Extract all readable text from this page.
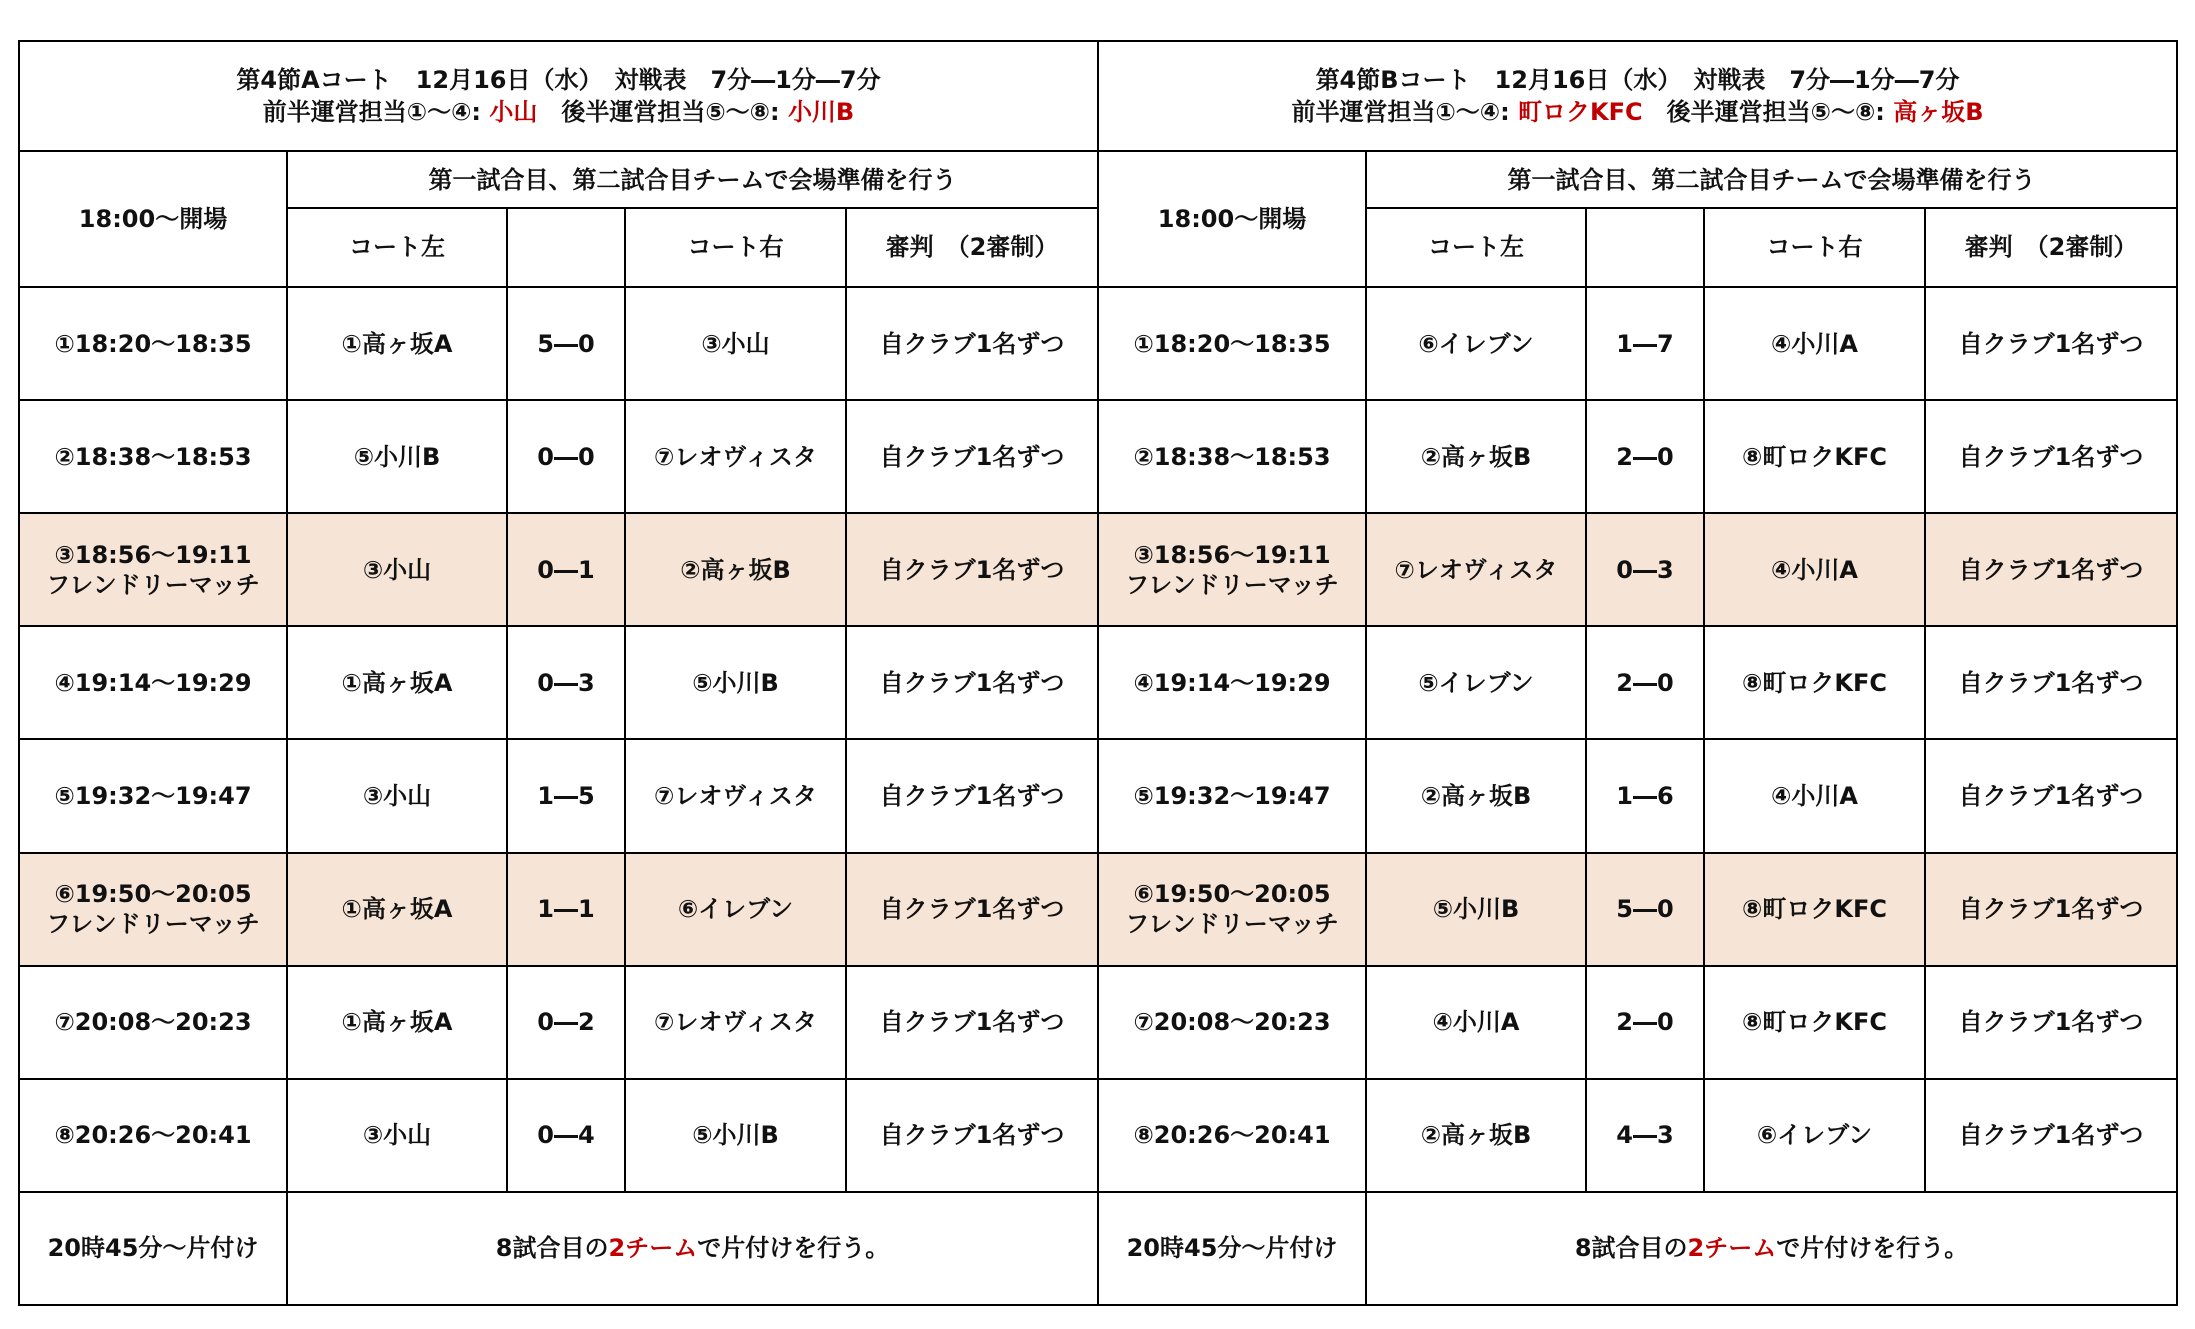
第4節Aコート　12月16日（水）　対戦表　7分―1分―7分
前半運営担当①～④: 小山　後半運営担当⑤～⑧: 小川B					第4節Bコート　12月16日（水）　対戦表　7分―1分―7分
前半運営担当①～④: 町ロクKFC　後半運営担当⑤～⑧: 高ヶ坂B				

18:00～開場	第一試合目、第二試合目チームで会場準備を行う				18:00～開場	第一試合目、第二試合目チームで会場準備を行う			
	コート左		コート右	審判　（2審制）		コート左		コート右	審判　（2審制）

①18:20～18:35	①高ヶ坂A	5―0	③小山	自クラブ1名ずつ	①18:20～18:35	⑥イレブン	1―7	④小川A	自クラブ1名ずつ

②18:38～18:53	⑤小川B	0―0	⑦レオヴィスタ	自クラブ1名ずつ	②18:38～18:53	②高ヶ坂B	2―0	⑧町ロクKFC	自クラブ1名ずつ

③18:56～19:11
フレンドリーマッチ	③小山	0―1	②高ヶ坂B	自クラブ1名ずつ	③18:56～19:11
フレンドリーマッチ	⑦レオヴィスタ	0―3	④小川A	自クラブ1名ずつ

④19:14～19:29	①高ヶ坂A	0―3	⑤小川B	自クラブ1名ずつ	④19:14～19:29	⑤イレブン	2―0	⑧町ロクKFC	自クラブ1名ずつ

⑤19:32～19:47	③小山	1―5	⑦レオヴィスタ	自クラブ1名ずつ	⑤19:32～19:47	②高ヶ坂B	1―6	④小川A	自クラブ1名ずつ

⑥19:50～20:05
フレンドリーマッチ	①高ヶ坂A	1―1	⑥イレブン	自クラブ1名ずつ	⑥19:50～20:05
フレンドリーマッチ	⑤小川B	5―0	⑧町ロクKFC	自クラブ1名ずつ

⑦20:08～20:23	①高ヶ坂A	0―2	⑦レオヴィスタ	自クラブ1名ずつ	⑦20:08～20:23	④小川A	2―0	⑧町ロクKFC	自クラブ1名ずつ

⑧20:26～20:41	③小山	0―4	⑤小川B	自クラブ1名ずつ	⑧20:26～20:41	②高ヶ坂B	4―3	⑥イレブン	自クラブ1名ずつ
20時45分～片付け	8試合目の2チームで片付けを行う。				20時45分～片付け	8試合目の2チームで片付けを行う。			
